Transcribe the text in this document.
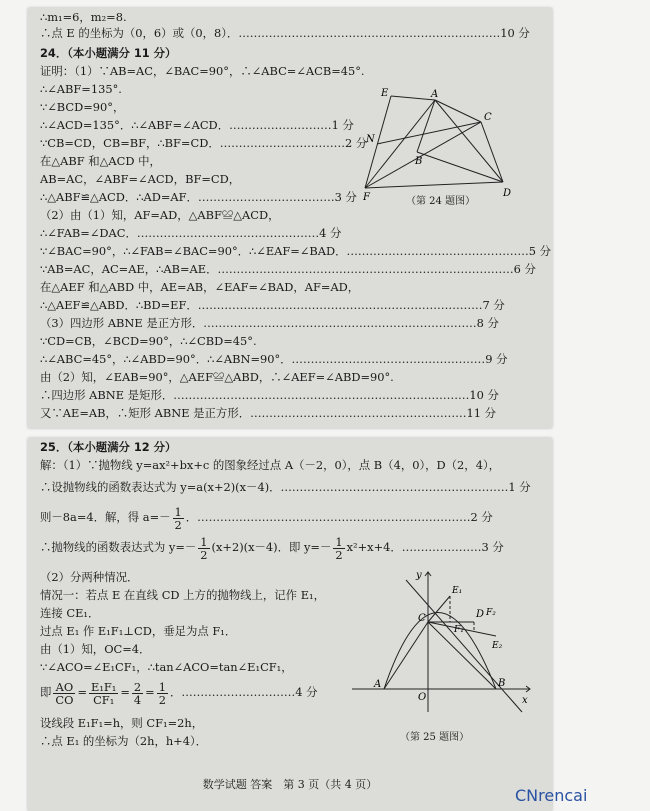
∴m₁=6，m₂=8.
∴点 E 的坐标为（0，6）或（0，8）．……………………………………………………………10 分
24．（本小题满分 11 分）
证明：（1）∵AB=AC，∠BAC=90°，∴∠ABC=∠ACB=45°.
∴∠ABF=135°.
∵∠BCD=90°，
∴∠ACD=135°．∴∠ABF=∠ACD．………………………1 分
∵CB=CD，CB=BF，∴BF=CD．……………………………2 分
在△ABF 和△ACD 中，
AB=AC，∠ABF=∠ACD，BF=CD，
∴△ABF≌△ACD．∴AD=AF．………………………………3 分
（2）由（1）知，AF=AD，△ABF≌△ACD，
∴∠FAB=∠DAC．…………………………………………4 分
∵∠BAC=90°，∴∠FAB=∠BAC=90°．∴∠EAF=∠BAD．…………………………………………5 分
∵AB=AC，AC=AE，∴AB=AE．……………………………………………………………………6 分
在△AEF 和△ABD 中，AE=AB，∠EAF=∠BAD，AF=AD，
∴△AEF≌△ABD．∴BD=EF．…………………………………………………………………7 分
（3）四边形 ABNE 是正方形．………………………………………………………………8 分
∵CD=CB，∠BCD=90°，∴∠CBD=45°.
∴∠ABC=45°，∴∠ABD=90°．∴∠ABN=90°．……………………………………………9 分
由（2）知，∠EAB=90°，△AEF≌△ABD，∴∠AEF=∠ABD=90°.
∴四边形 ABNE 是矩形．……………………………………………………………………10 分
又∵AE=AB，∴矩形 ABNE 是正方形．…………………………………………………11 分
E	A
C
N
B
F	D
（第 24 题图）
25．（本小题满分 12 分）
解：（1）∵抛物线 y=ax²+bx+c 的图象经过点 A（－2，0），点 B（4，0），D（2，4），
∴设抛物线的函数表达式为 y=a(x+2)(x－4)．……………………………………………………1 分
则－8a=4．解，得 $a=- \frac{1}{2}$ ．………………………………………………………………2 分
∴抛物线的函数表达式为 $y=- \frac{1}{2} (x+2)(x-4)$．即 $y=- \frac{1}{2} x^2+x+4$．…………………3 分
（2）分两种情况．
情况一：若点 E 在直线 CD 上方的抛物线上，记作 E₁，
连接 CE₁．
过点 E₁ 作 E₁F₁⊥CD，垂足为点 F₁．
由（1）知，OC=4．
∵∠ACO=∠E₁CF₁，∴tan∠ACO=tan∠E₁CF₁，
即 $\frac{AO}{CO} = \frac{\text{E₁F₁}}{\text{CF₁}} = \frac{2}{4} = \frac{1}{2}$ ．…………………………4 分
设线段 E₁F₁=h，则 CF₁=2h，
∴点 E₁ 的坐标为（2h，h+4）．
y
x
O
A	B
C	D
E₁
F₁
F₂
E₂
（第 25 题图）
数学试题 答案　第 3 页（共 4 页）
CNrencai
